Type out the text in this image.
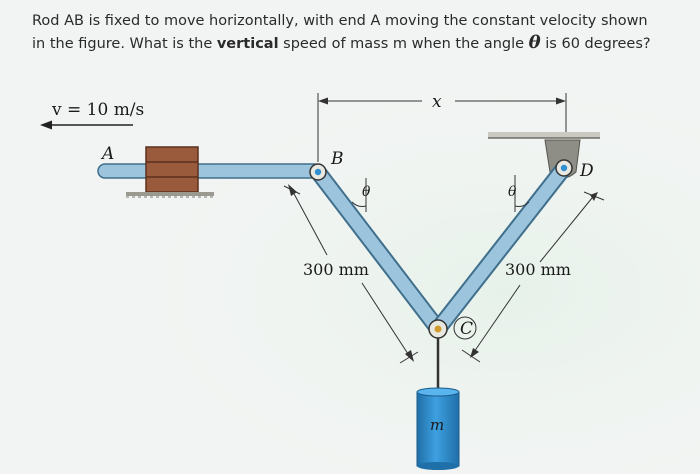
Rod AB is fixed to move horizontally, with end A moving the constant velocity shown
in the figure. What is the vertical speed of mass m when the angle θ is 60 degrees?
v = 10 m/s	x
A	B
D
C
θ	θ
300 mm	300 mm
m
